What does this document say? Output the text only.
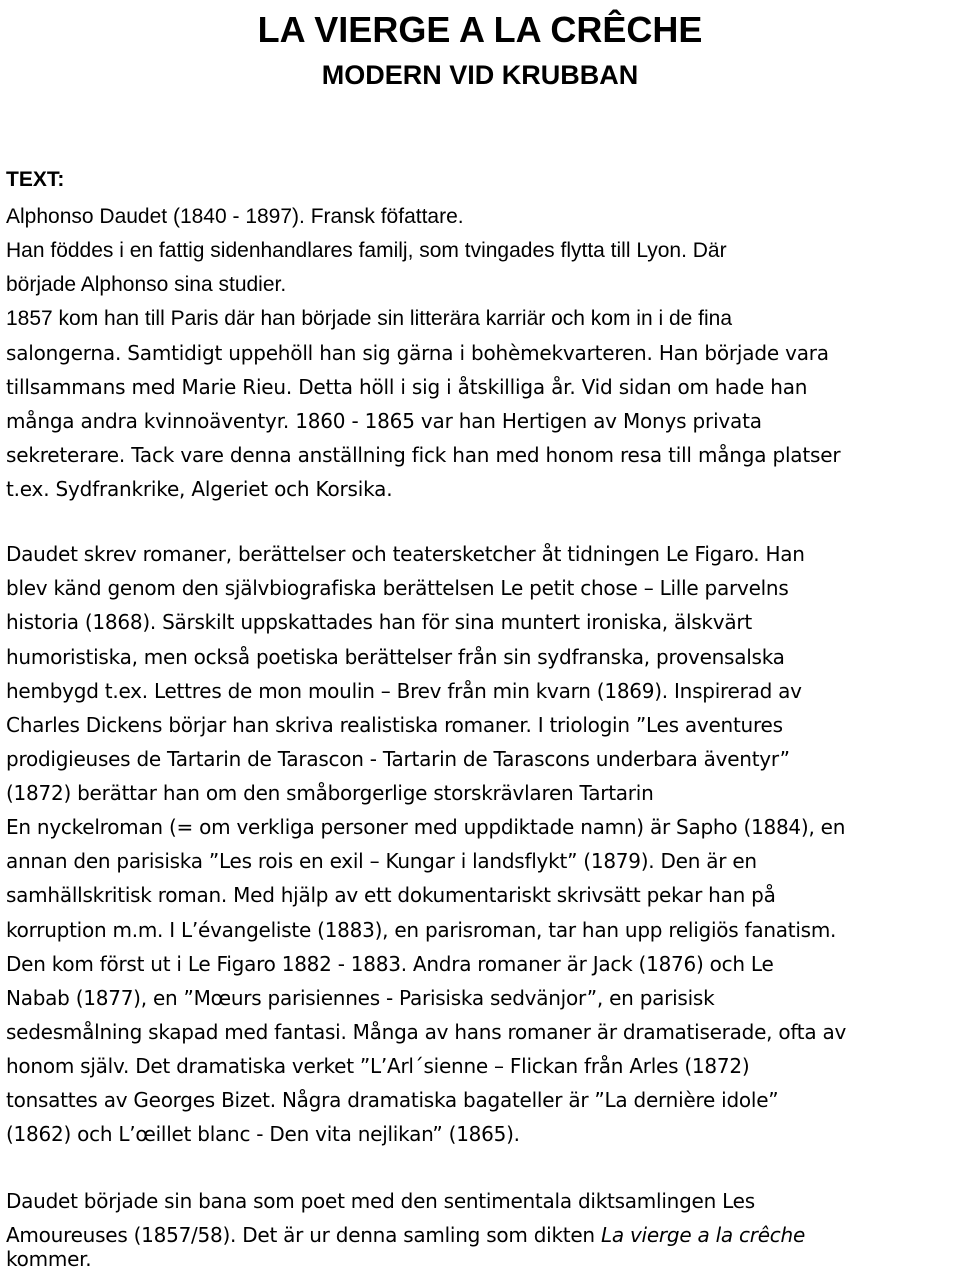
LA VIERGE A LA CRÊCHE
MODERN VID KRUBBAN
TEXT:
Alphonso Daudet (1840 - 1897). Fransk föfattare.
Han föddes i en fattig sidenhandlares familj, som tvingades flytta till Lyon. Där
började Alphonso sina studier.
1857 kom han till Paris där han började sin litterära karriär och kom in i de fina
salongerna. Samtidigt uppehöll han sig gärna i bohèmekvarteren. Han började vara
tillsammans med Marie Rieu. Detta höll i sig i åtskilliga år. Vid sidan om hade han
många andra kvinnoäventyr. 1860 - 1865 var han Hertigen av Monys privata
sekreterare. Tack vare denna anställning fick han med honom resa till många platser
t.ex. Sydfrankrike, Algeriet och Korsika.
Daudet skrev romaner, berättelser och teatersketcher åt tidningen Le Figaro. Han
blev känd genom den självbiografiska berättelsen Le petit chose – Lille parvelns
historia (1868). Särskilt uppskattades han för sina muntert ironiska, älskvärt
humoristiska, men också poetiska berättelser från sin sydfranska, provensalska
hembygd t.ex. Lettres de mon moulin – Brev från min kvarn (1869). Inspirerad av
Charles Dickens börjar han skriva realistiska romaner. I triologin ”Les aventures
prodigieuses de Tartarin de Tarascon - Tartarin de Tarascons underbara äventyr”
(1872) berättar han om den småborgerlige storskrävlaren Tartarin
En nyckelroman (= om verkliga personer med uppdiktade namn) är Sapho (1884), en
annan den parisiska ”Les rois en exil – Kungar i landsflykt” (1879). Den är en
samhällskritisk roman. Med hjälp av ett dokumentariskt skrivsätt pekar han på
korruption m.m. I L’évangeliste (1883), en parisroman, tar han upp religiös fanatism.
Den kom först ut i Le Figaro 1882 - 1883. Andra romaner är Jack (1876) och Le
Nabab (1877), en ”Mœurs parisiennes - Parisiska sedvänjor”, en parisisk
sedesmålning skapad med fantasi. Många av hans romaner är dramatiserade, ofta av
honom själv. Det dramatiska verket ”L’Arl´sienne – Flickan från Arles (1872)
tonsattes av Georges Bizet. Några dramatiska bagateller är ”La dernière idole”
(1862) och L’œillet blanc - Den vita nejlikan” (1865).
Daudet började sin bana som poet med den sentimentala diktsamlingen Les
Amoureuses (1857/58). Det är ur denna samling som dikten La vierge a la crêche
kommer.
